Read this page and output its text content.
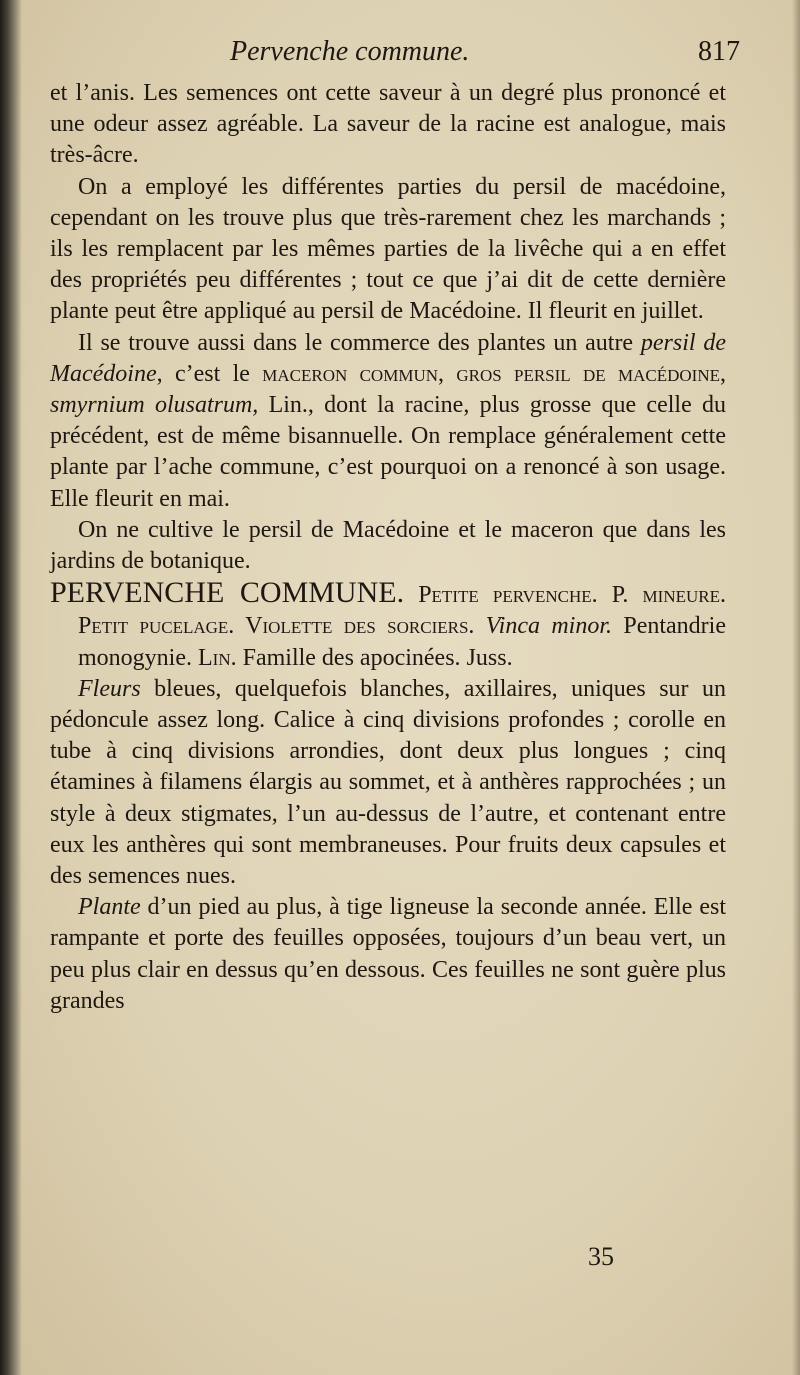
Pervenche commune.	817

et l’anis. Les semences ont cette saveur à un degré plus prononcé et une odeur assez agréable. La saveur de la racine est analogue, mais très-âcre.

On a employé les différentes parties du persil de macédoine, cependant on les trouve plus que très-rarement chez les marchands ; ils les remplacent par les mêmes parties de la livêche qui a en effet des propriétés peu différentes ; tout ce que j’ai dit de cette dernière plante peut être appliqué au persil de Macédoine. Il fleurit en juillet.

Il se trouve aussi dans le commerce des plantes un autre persil de Macédoine, c’est le maceron commun, gros persil de macédoine, smyrnium olusatrum, Lin., dont la racine, plus grosse que celle du précédent, est de même bisannuelle. On remplace généralement cette plante par l’ache commune, c’est pourquoi on a renoncé à son usage. Elle fleurit en mai.

On ne cultive le persil de Macédoine et le maceron que dans les jardins de botanique.

PERVENCHE COMMUNE. Petite pervenche. P. mineure. Petit pucelage. Violette des sorciers. Vinca minor. Pentandrie monogynie. Lin. Famille des apocinées. Juss.

Fleurs bleues, quelquefois blanches, axillaires, uniques sur un pédoncule assez long. Calice à cinq divisions profondes ; corolle en tube à cinq divisions arrondies, dont deux plus longues ; cinq étamines à filamens élargis au sommet, et à anthères rapprochées ; un style à deux stigmates, l’un au-dessus de l’autre, et contenant entre eux les anthères qui sont membraneuses. Pour fruits deux capsules et des semences nues.

Plante d’un pied au plus, à tige ligneuse la seconde année. Elle est rampante et porte des feuilles opposées, toujours d’un beau vert, un peu plus clair en dessus qu’en dessous. Ces feuilles ne sont guère plus grandes

35
